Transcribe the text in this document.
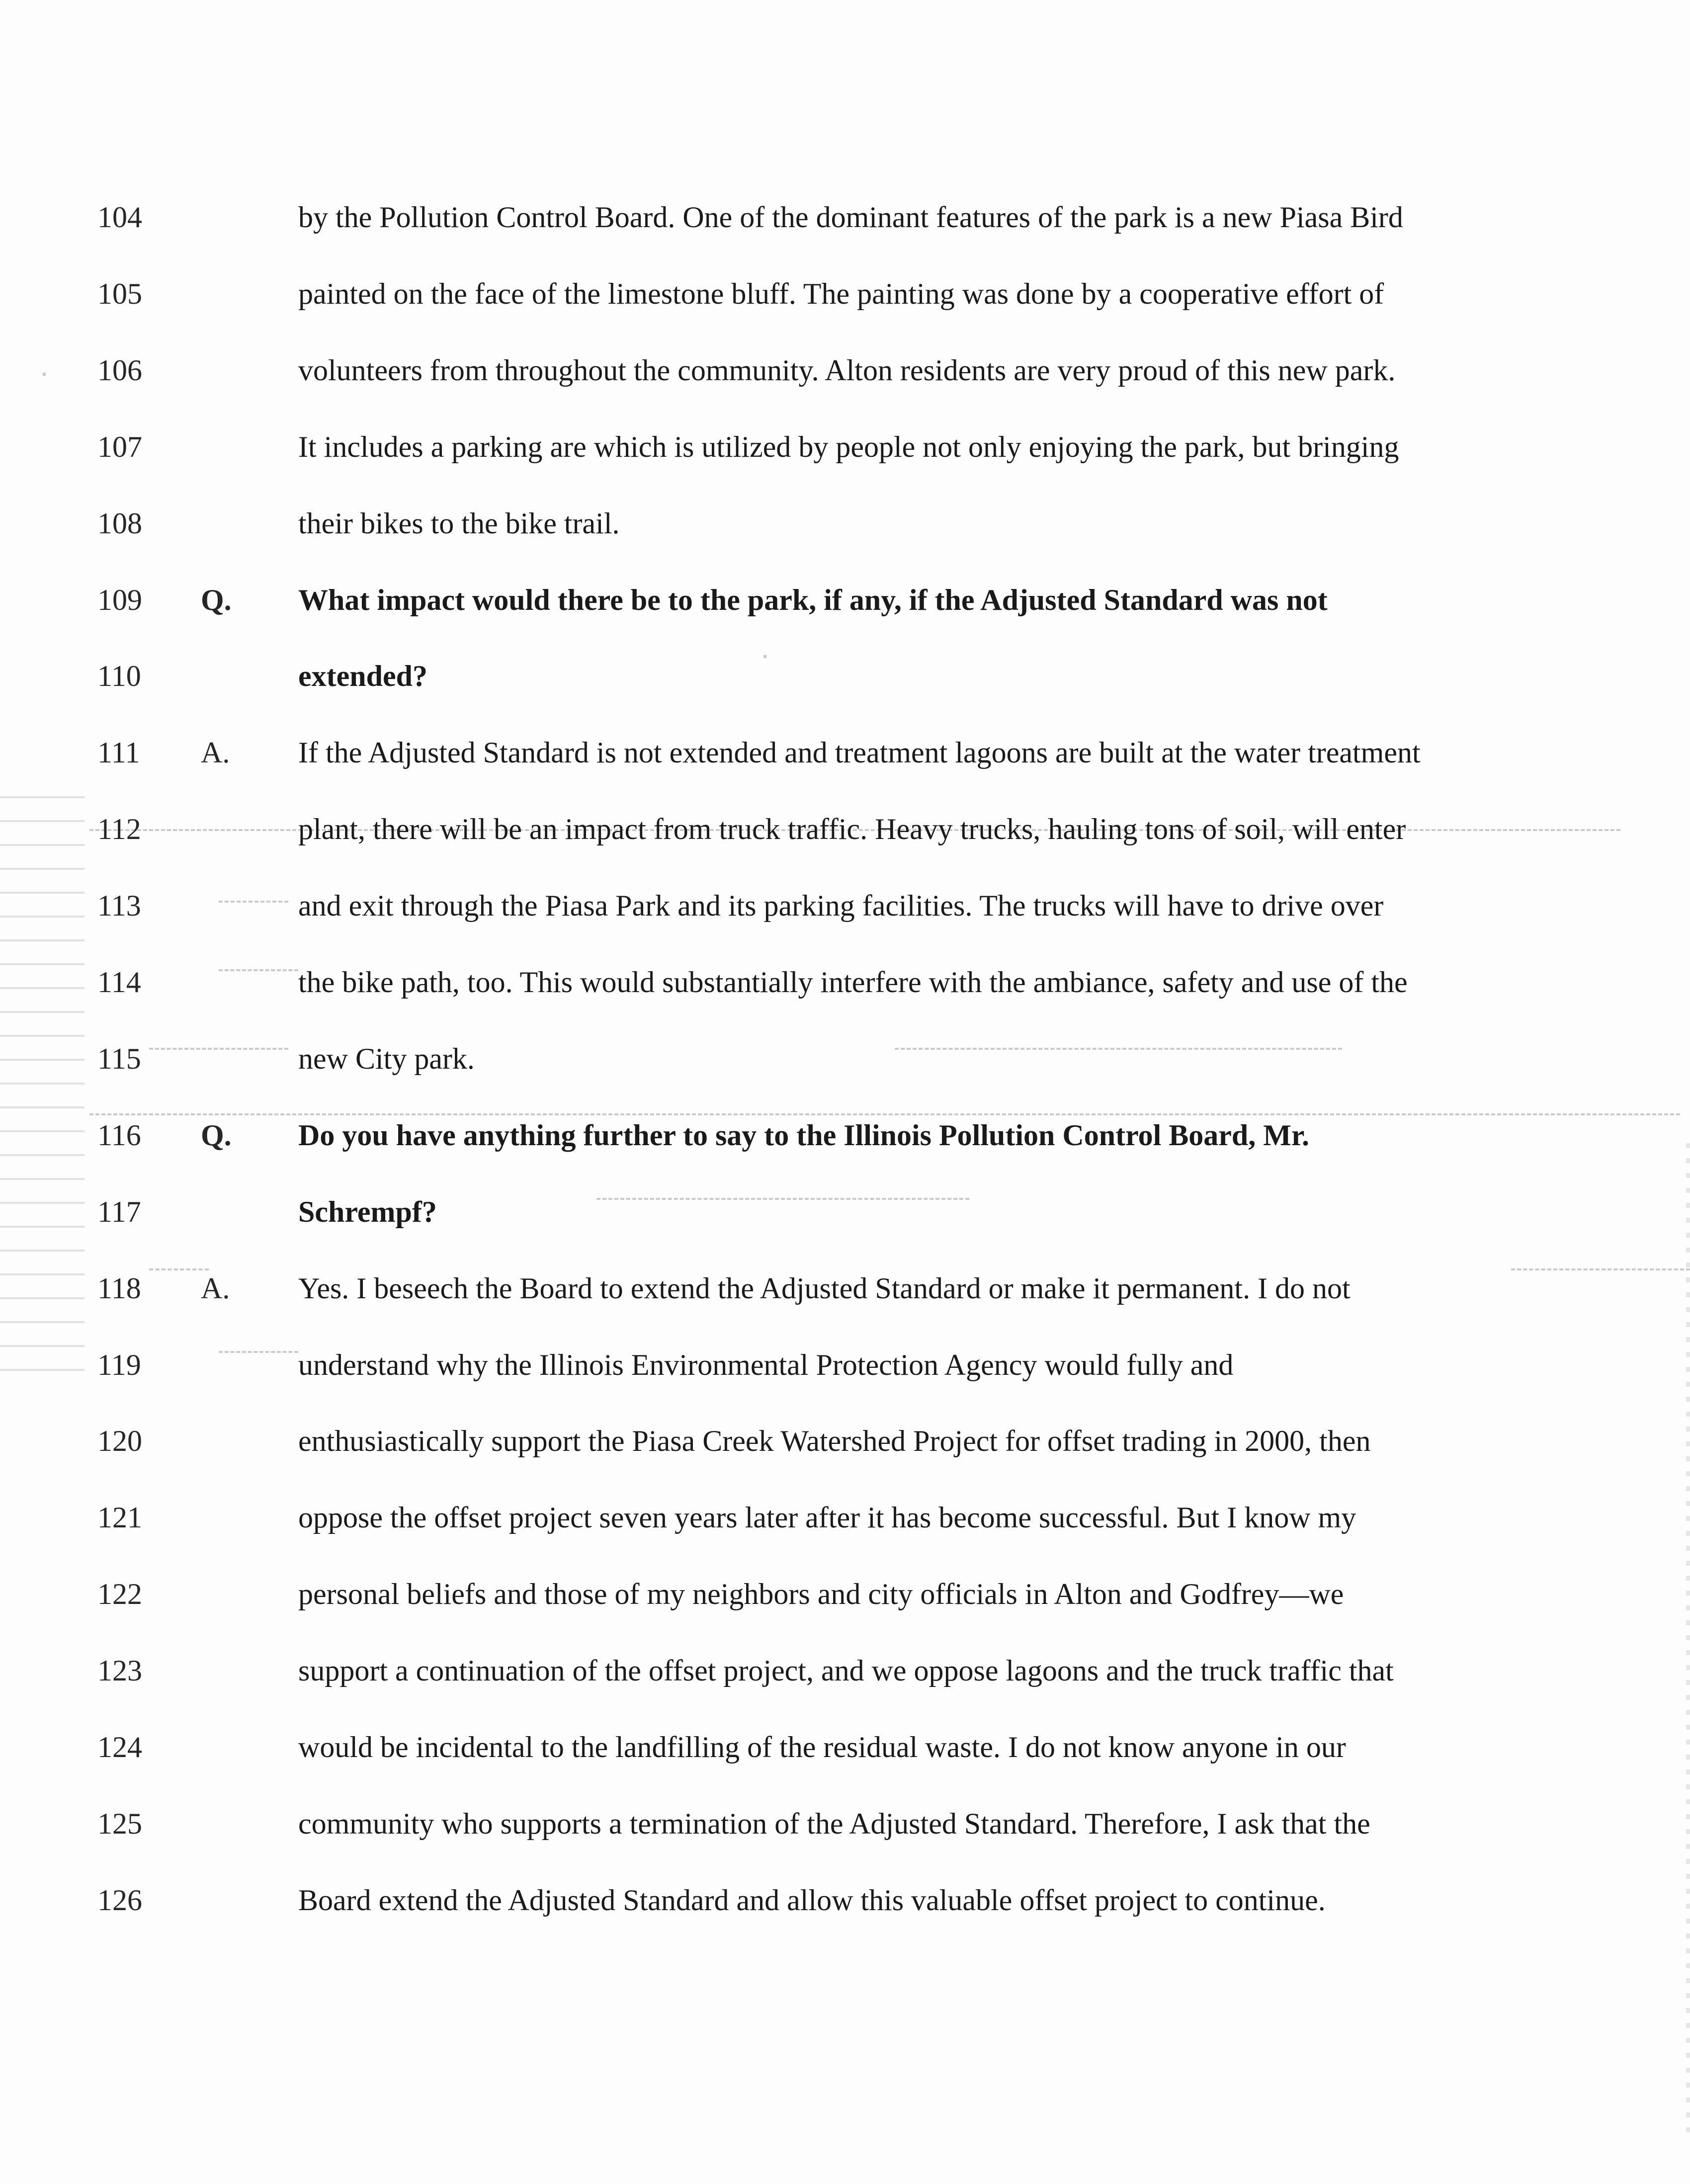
104	by the Pollution Control Board. One of the dominant features of the park is a new Piasa Bird
105	painted on the face of the limestone bluff. The painting was done by a cooperative effort of
106	volunteers from throughout the community. Alton residents are very proud of this new park.
107	It includes a parking are which is utilized by people not only enjoying the park, but bringing
108	their bikes to the bike trail.
109	Q.	What impact would there be to the park, if any, if the Adjusted Standard was not
110	extended?
111	A.	If the Adjusted Standard is not extended and treatment lagoons are built at the water treatment
112	plant, there will be an impact from truck traffic. Heavy trucks, hauling tons of soil, will enter
113	and exit through the Piasa Park and its parking facilities. The trucks will have to drive over
114	the bike path, too. This would substantially interfere with the ambiance, safety and use of the
115	new City park.
116	Q.	Do you have anything further to say to the Illinois Pollution Control Board, Mr.
117	Schrempf?
118	A.	Yes. I beseech the Board to extend the Adjusted Standard or make it permanent. I do not
119	understand why the Illinois Environmental Protection Agency would fully and
120	enthusiastically support the Piasa Creek Watershed Project for offset trading in 2000, then
121	oppose the offset project seven years later after it has become successful. But I know my
122	personal beliefs and those of my neighbors and city officials in Alton and Godfrey—we
123	support a continuation of the offset project, and we oppose lagoons and the truck traffic that
124	would be incidental to the landfilling of the residual waste. I do not know anyone in our
125	community who supports a termination of the Adjusted Standard. Therefore, I ask that the
126	Board extend the Adjusted Standard and allow this valuable offset project to continue.
